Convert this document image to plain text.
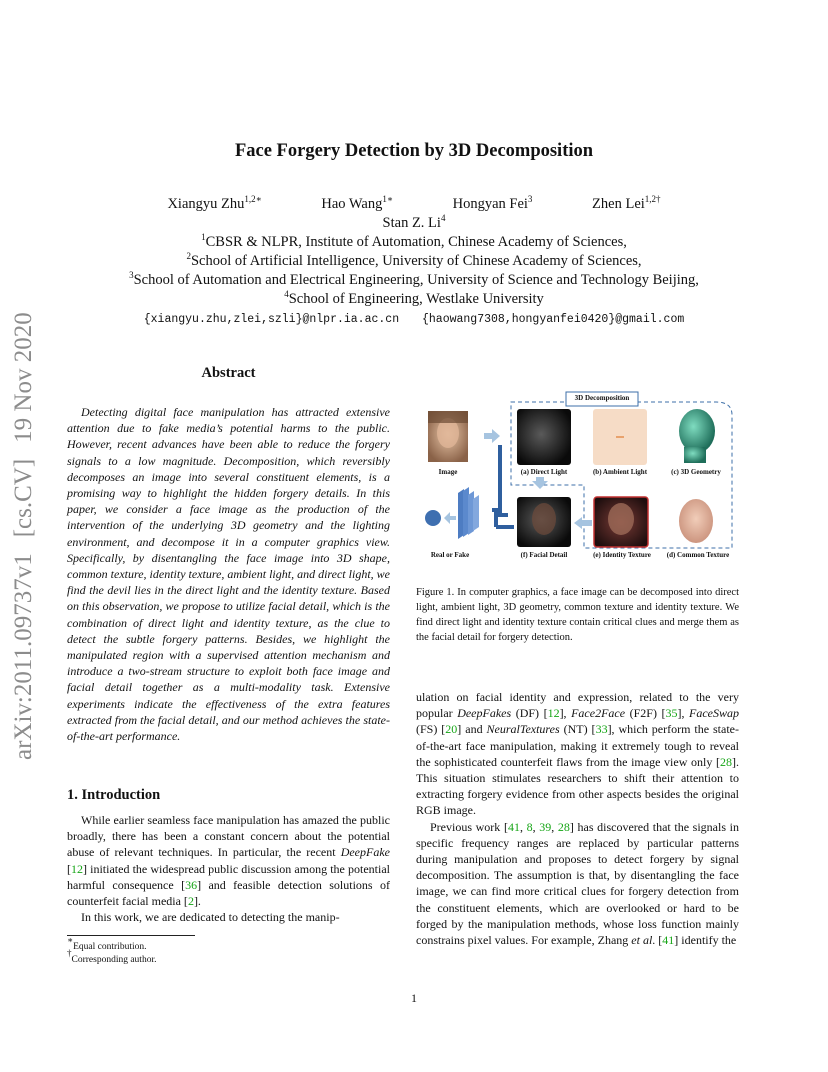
Face Forgery Detection by 3D Decomposition
Xiangyu Zhu$^{1,2∗}$	Hao Wang$^{1∗}$	Hongyan Fei$^3$	Zhen Lei$^{1,2\dagger}$
Stan Z. Li$^4$
$^1$CBSR & NLPR, Institute of Automation, Chinese Academy of Sciences,
$^2$School of Artificial Intelligence, University of Chinese Academy of Sciences,
$^3$School of Automation and Electrical Engineering, University of Science and Technology Beijing,
$^4$School of Engineering, Westlake University
{xiangyu.zhu,zlei,szli}@nlpr.ia.ac.cn {haowang7308,hongyanfei0420}@gmail.com
arXiv:2011.09737v1[cs.CV]19 Nov 2020	Abstract
Detecting digital face manipulation has attracted extensive attention due to fake media’s potential harms to the public. However, recent advances have been able to reduce the forgery signals to a low magnitude. Decomposition, which reversibly decomposes an image into several constituent elements, is a promising way to highlight the hidden forgery details. In this paper, we consider a face image as the production of the intervention of the underlying 3D geometry and the lighting environment, and decompose it in a computer graphics view. Specifically, by disentangling the face image into 3D shape, common texture, identity texture, ambient light, and direct light, we find the devil lies in the direct light and the identity texture. Based on this observation, we propose to utilize facial detail, which is the combination of direct light and identity texture, as the clue to detect the subtle forgery patterns. Besides, we highlight the manipulated region with a supervised attention mechanism and introduce a two-stream structure to exploit both face image and facial detail together as a multi-modality task. Extensive experiments indicate the effectiveness of the extra features extracted from the facial detail, and our method achieves the state-of-the-art performance.
1. Introduction

While earlier seamless face manipulation has amazed the public broadly, there has been a constant concern about the potential abuse of relevant techniques. In particular, the recent DeepFake [12] initiated the widespread public discussion among the potential harmful consequence [36] and feasible detection solutions of counterfeit facial media [2].

In this work, we are dedicated to detecting the manip-

∗Equal contribution.
†Corresponding author.
3D Decomposition
Image	(a) Direct Light	(b) Ambient Light	(c) 3D Geometry
Real or Fake	(f) Facial Detail	(e) Identity Texture	(d) Common Texture
Figure 1. In computer graphics, a face image can be decomposed into direct light, ambient light, 3D geometry, common texture and identity texture. We find direct light and identity texture contain critical clues and merge them as the facial detail for forgery detection.

ulation on facial identity and expression, related to the very popular DeepFakes (DF) [12], Face2Face (F2F) [35], FaceSwap (FS) [20] and NeuralTextures (NT) [33], which perform the state-of-the-art face manipulation, making it extremely tough to reveal the sophisticated counterfeit flaws from the image view only [28]. This situation stimulates researchers to shift their attention to extracting forgery evidence from other aspects besides the original RGB image.

Previous work [41, 8, 39, 28] has discovered that the signals in specific frequency ranges are replaced by particular patterns during manipulation and proposes to detect forgery by signal decomposition. The assumption is that, by disentangling the face image, we can find more critical clues for forgery detection from the constituent elements, which are overlooked or hard to be forged by the manipulation methods, whose loss function mainly constrains pixel values. For example, Zhang et al. [41] identify the

1
